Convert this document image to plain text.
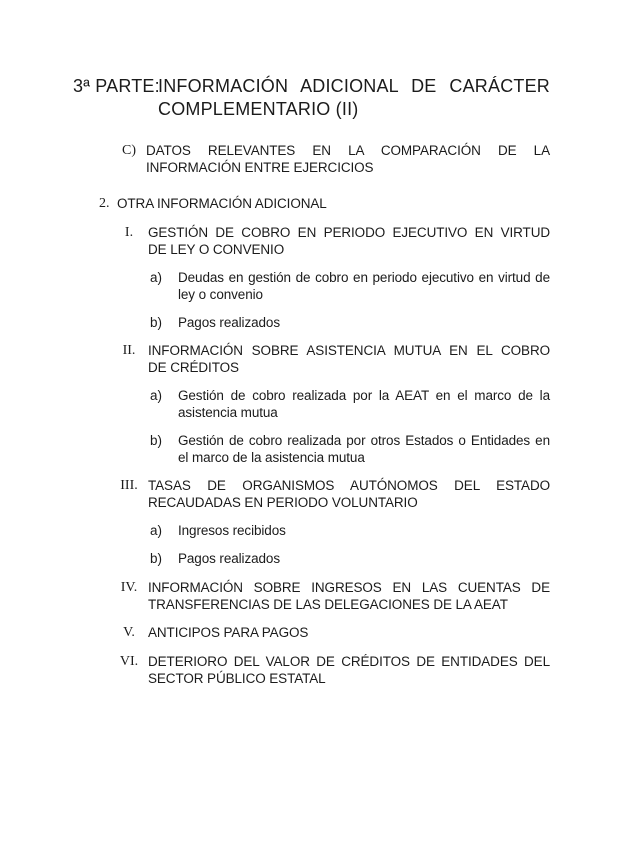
3ª PARTE:
INFORMACIÓN ADICIONAL DE CARÁCTER
COMPLEMENTARIO (II)
C) DATOS RELEVANTES EN LA COMPARACIÓN DE LA
INFORMACIÓN ENTRE EJERCICIOS
2. OTRA INFORMACIÓN ADICIONAL
I.	GESTIÓN DE COBRO EN PERIODO EJECUTIVO EN VIRTUD
DE LEY O CONVENIO
a) Deudas en gestión de cobro en periodo ejecutivo en virtud de
ley o convenio
b) Pagos realizados
II. INFORMACIÓN SOBRE ASISTENCIA MUTUA EN EL COBRO
DE CRÉDITOS
a) Gestión de cobro realizada por la AEAT en el marco de la
asistencia mutua
b) Gestión de cobro realizada por otros Estados o Entidades en
el marco de la asistencia mutua
III. TASAS DE ORGANISMOS AUTÓNOMOS DEL ESTADO
RECAUDADAS EN PERIODO VOLUNTARIO
a) Ingresos recibidos
b) Pagos realizados
IV. INFORMACIÓN SOBRE INGRESOS EN LAS CUENTAS DE
TRANSFERENCIAS DE LAS DELEGACIONES DE LA AEAT
V. ANTICIPOS PARA PAGOS
VI. DETERIORO DEL VALOR DE CRÉDITOS DE ENTIDADES DEL
SECTOR PÚBLICO ESTATAL
